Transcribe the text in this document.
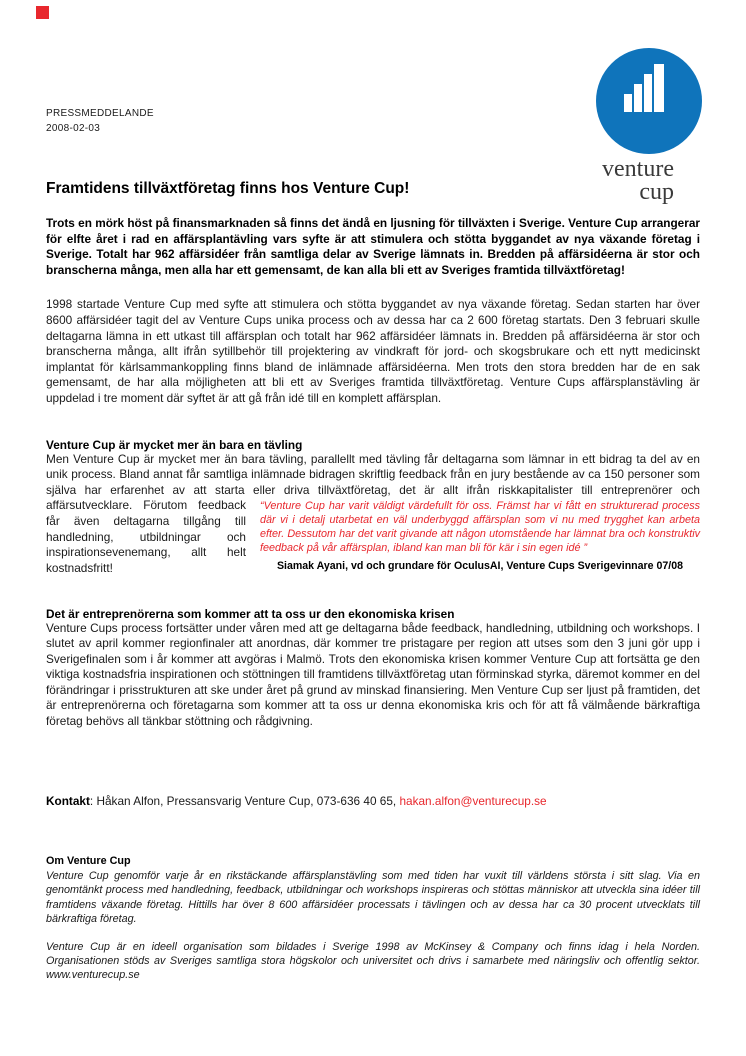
PRESSMEDDELANDE
2008-02-03
venture
cup
Framtidens tillväxtföretag finns hos Venture Cup!

Trots en mörk höst på finansmarknaden så finns det ändå en ljusning för tillväxten i Sverige. Venture Cup arrangerar för elfte året i rad en affärsplantävling vars syfte är att stimulera och stötta byggandet av nya växande företag i Sverige. Totalt har 962 affärsidéer från samtliga delar av Sverige lämnats in. Bredden på affärsidéerna är stor och branscherna många, men alla har ett gemensamt, de kan alla bli ett av Sveriges framtida tillväxtföretag!

1998 startade Venture Cup med syfte att stimulera och stötta byggandet av nya växande företag. Sedan starten har över 8600 affärsidéer tagit del av Venture Cups unika process och av dessa har ca 2 600 företag startats. Den 3 februari skulle deltagarna lämna in ett utkast till affärsplan och totalt har 962 affärsidéer lämnats in. Bredden på affärsidéerna är stor och branscherna många, allt ifrån sytillbehör till projektering av vindkraft för jord- och skogsbrukare och ett nytt medicinskt implantat för kärlsammankoppling finns bland de inlämnade affärsidéerna. Men trots den stora bredden har de en sak gemensamt, de har alla möjligheten att bli ett av Sveriges framtida tillväxtföretag. Venture Cups affärsplanstävling är uppdelad i tre moment där syftet är att gå från idé till en komplett affärsplan.

Venture Cup är mycket mer än bara en tävling
Men Venture Cup är mycket mer än bara tävling, parallellt med tävling får deltagarna som lämnar in ett bidrag ta del av en unik process. Bland annat får samtliga inlämnade bidragen skriftlig feedback från en jury bestående av ca 150 personer som själva har erfarenhet av att starta eller driva tillväxtföretag,
“Venture Cup har varit väldigt värdefullt för oss. Främst har vi fått en strukturerad process där vi i detalj utarbetat en väl underbyggd affärsplan som vi nu med trygghet kan arbeta efter. Dessutom har det varit givande att någon utomstående har lämnat bra och konstruktiv feedback på vår affärsplan, ibland kan man bli för kär i sin egen idé ”
Siamak Ayani, vd och grundare för OculusAI, Venture Cups Sverigevinnare 07/08
det är allt ifrån riskkapitalister till entreprenörer och affärsutvecklare. Förutom feedback får även deltagarna tillgång till handledning, utbildningar och inspirationsevenemang, allt helt kostnadsfritt!
Det är entreprenörerna som kommer att ta oss ur den ekonomiska krisen

Venture Cups process fortsätter under våren med att ge deltagarna både feedback, handledning, utbildning och workshops. I slutet av april kommer regionfinaler att anordnas, där kommer tre pristagare per region att utses som den 3 juni gör upp i Sverigefinalen som i år kommer att avgöras i Malmö. Trots den ekonomiska krisen kommer Venture Cup att fortsätta ge den viktiga kostnadsfria inspirationen och stöttningen till framtidens tillväxtföretag utan förminskad styrka, däremot kommer en del förändringar i prisstrukturen att ske under året på grund av minskad finansiering. Men Venture Cup ser ljust på framtiden, det är entreprenörerna och företagarna som kommer att ta oss ur denna ekonomiska kris och för att få välmående bärkraftiga företag behövs all tänkbar stöttning och rådgivning.

Kontakt: Håkan Alfon, Pressansvarig Venture Cup, 073-636 40 65, hakan.alfon@venturecup.se

Om Venture Cup

Venture Cup genomför varje år en rikstäckande affärsplanstävling som med tiden har vuxit till världens största i sitt slag. Via en genomtänkt process med handledning, feedback, utbildningar och workshops inspireras och stöttas människor att utveckla sina idéer till framtidens växande företag. Hittills har över 8 600 affärsidéer processats i tävlingen och av dessa har ca 30 procent utvecklats till bärkraftiga företag.

Venture Cup är en ideell organisation som bildades i Sverige 1998 av McKinsey & Company och finns idag i hela Norden. Organisationen stöds av Sveriges samtliga stora högskolor och universitet och drivs i samarbete med näringsliv och offentlig sektor. www.venturecup.se
